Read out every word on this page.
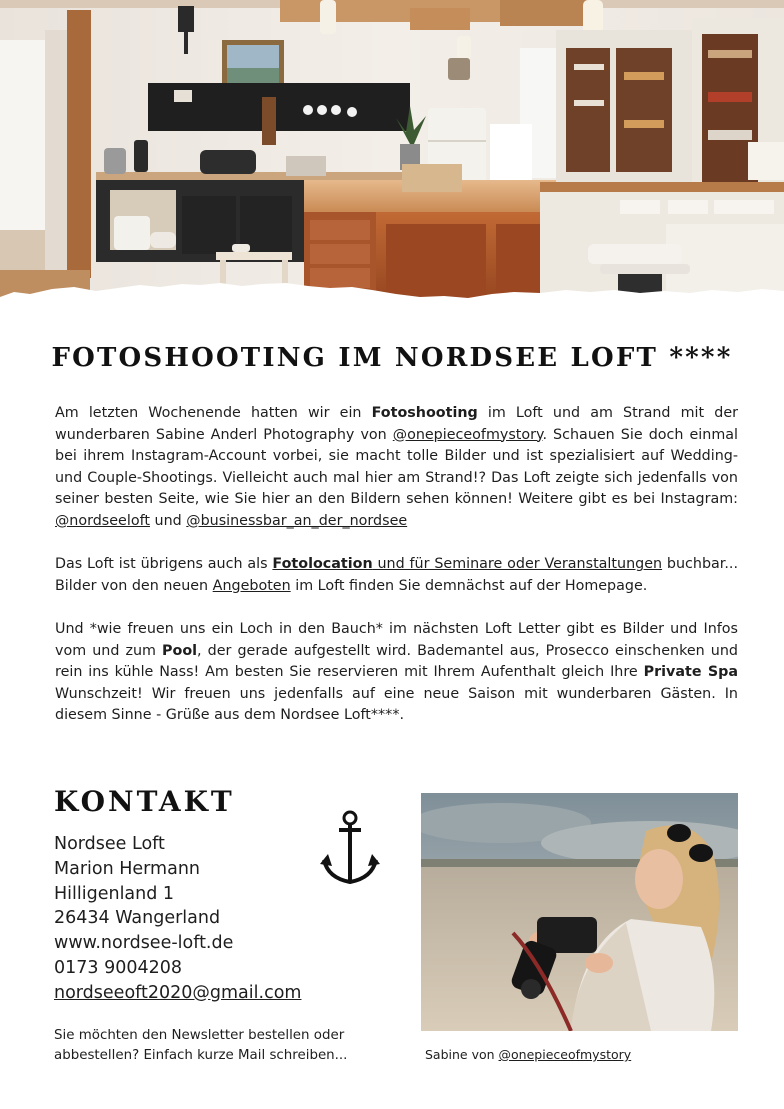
FOTOSHOOTING IM NORDSEE LOFT ****

Am letzten Wochenende hatten wir ein Fotoshooting im Loft und am Strand mit der wunderbaren Sabine Anderl Photography von @onepieceofmystory. Schauen Sie doch einmal bei ihrem Instagram-Account vorbei, sie macht tolle Bilder und ist spezialisiert auf Wedding- und Couple-Shootings. Vielleicht auch mal hier am Strand!? Das Loft zeigte sich jedenfalls von seiner besten Seite, wie Sie hier an den Bildern sehen können! Weitere gibt es bei Instagram: @nordseeloft und @businessbar_an_der_nordsee

Das Loft ist übrigens auch als Fotolocation und für Seminare oder Veranstaltungen buchbar... Bilder von den neuen Angeboten im Loft finden Sie demnächst auf der Homepage.

Und *wie freuen uns ein Loch in den Bauch* im nächsten Loft Letter gibt es Bilder und Infos vom und zum Pool, der gerade aufgestellt wird. Bademantel aus, Prosecco einschenken und rein ins kühle Nass! Am besten Sie reservieren mit Ihrem Aufenthalt gleich Ihre Private Spa Wunschzeit! Wir freuen uns jedenfalls auf eine neue Saison mit wunderbaren Gästen. In diesem Sinne - Grüße aus dem Nordsee Loft****.

KONTAKT
Nordsee Loft
Marion Hermann
Hilligenland 1
26434 Wangerland
www.nordsee-loft.de
0173 9004208
nordseeoft2020@gmail.com
Sie möchten den Newsletter bestellen oder abbestellen? Einfach kurze Mail schreiben...	Sabine von @onepieceofmystory
